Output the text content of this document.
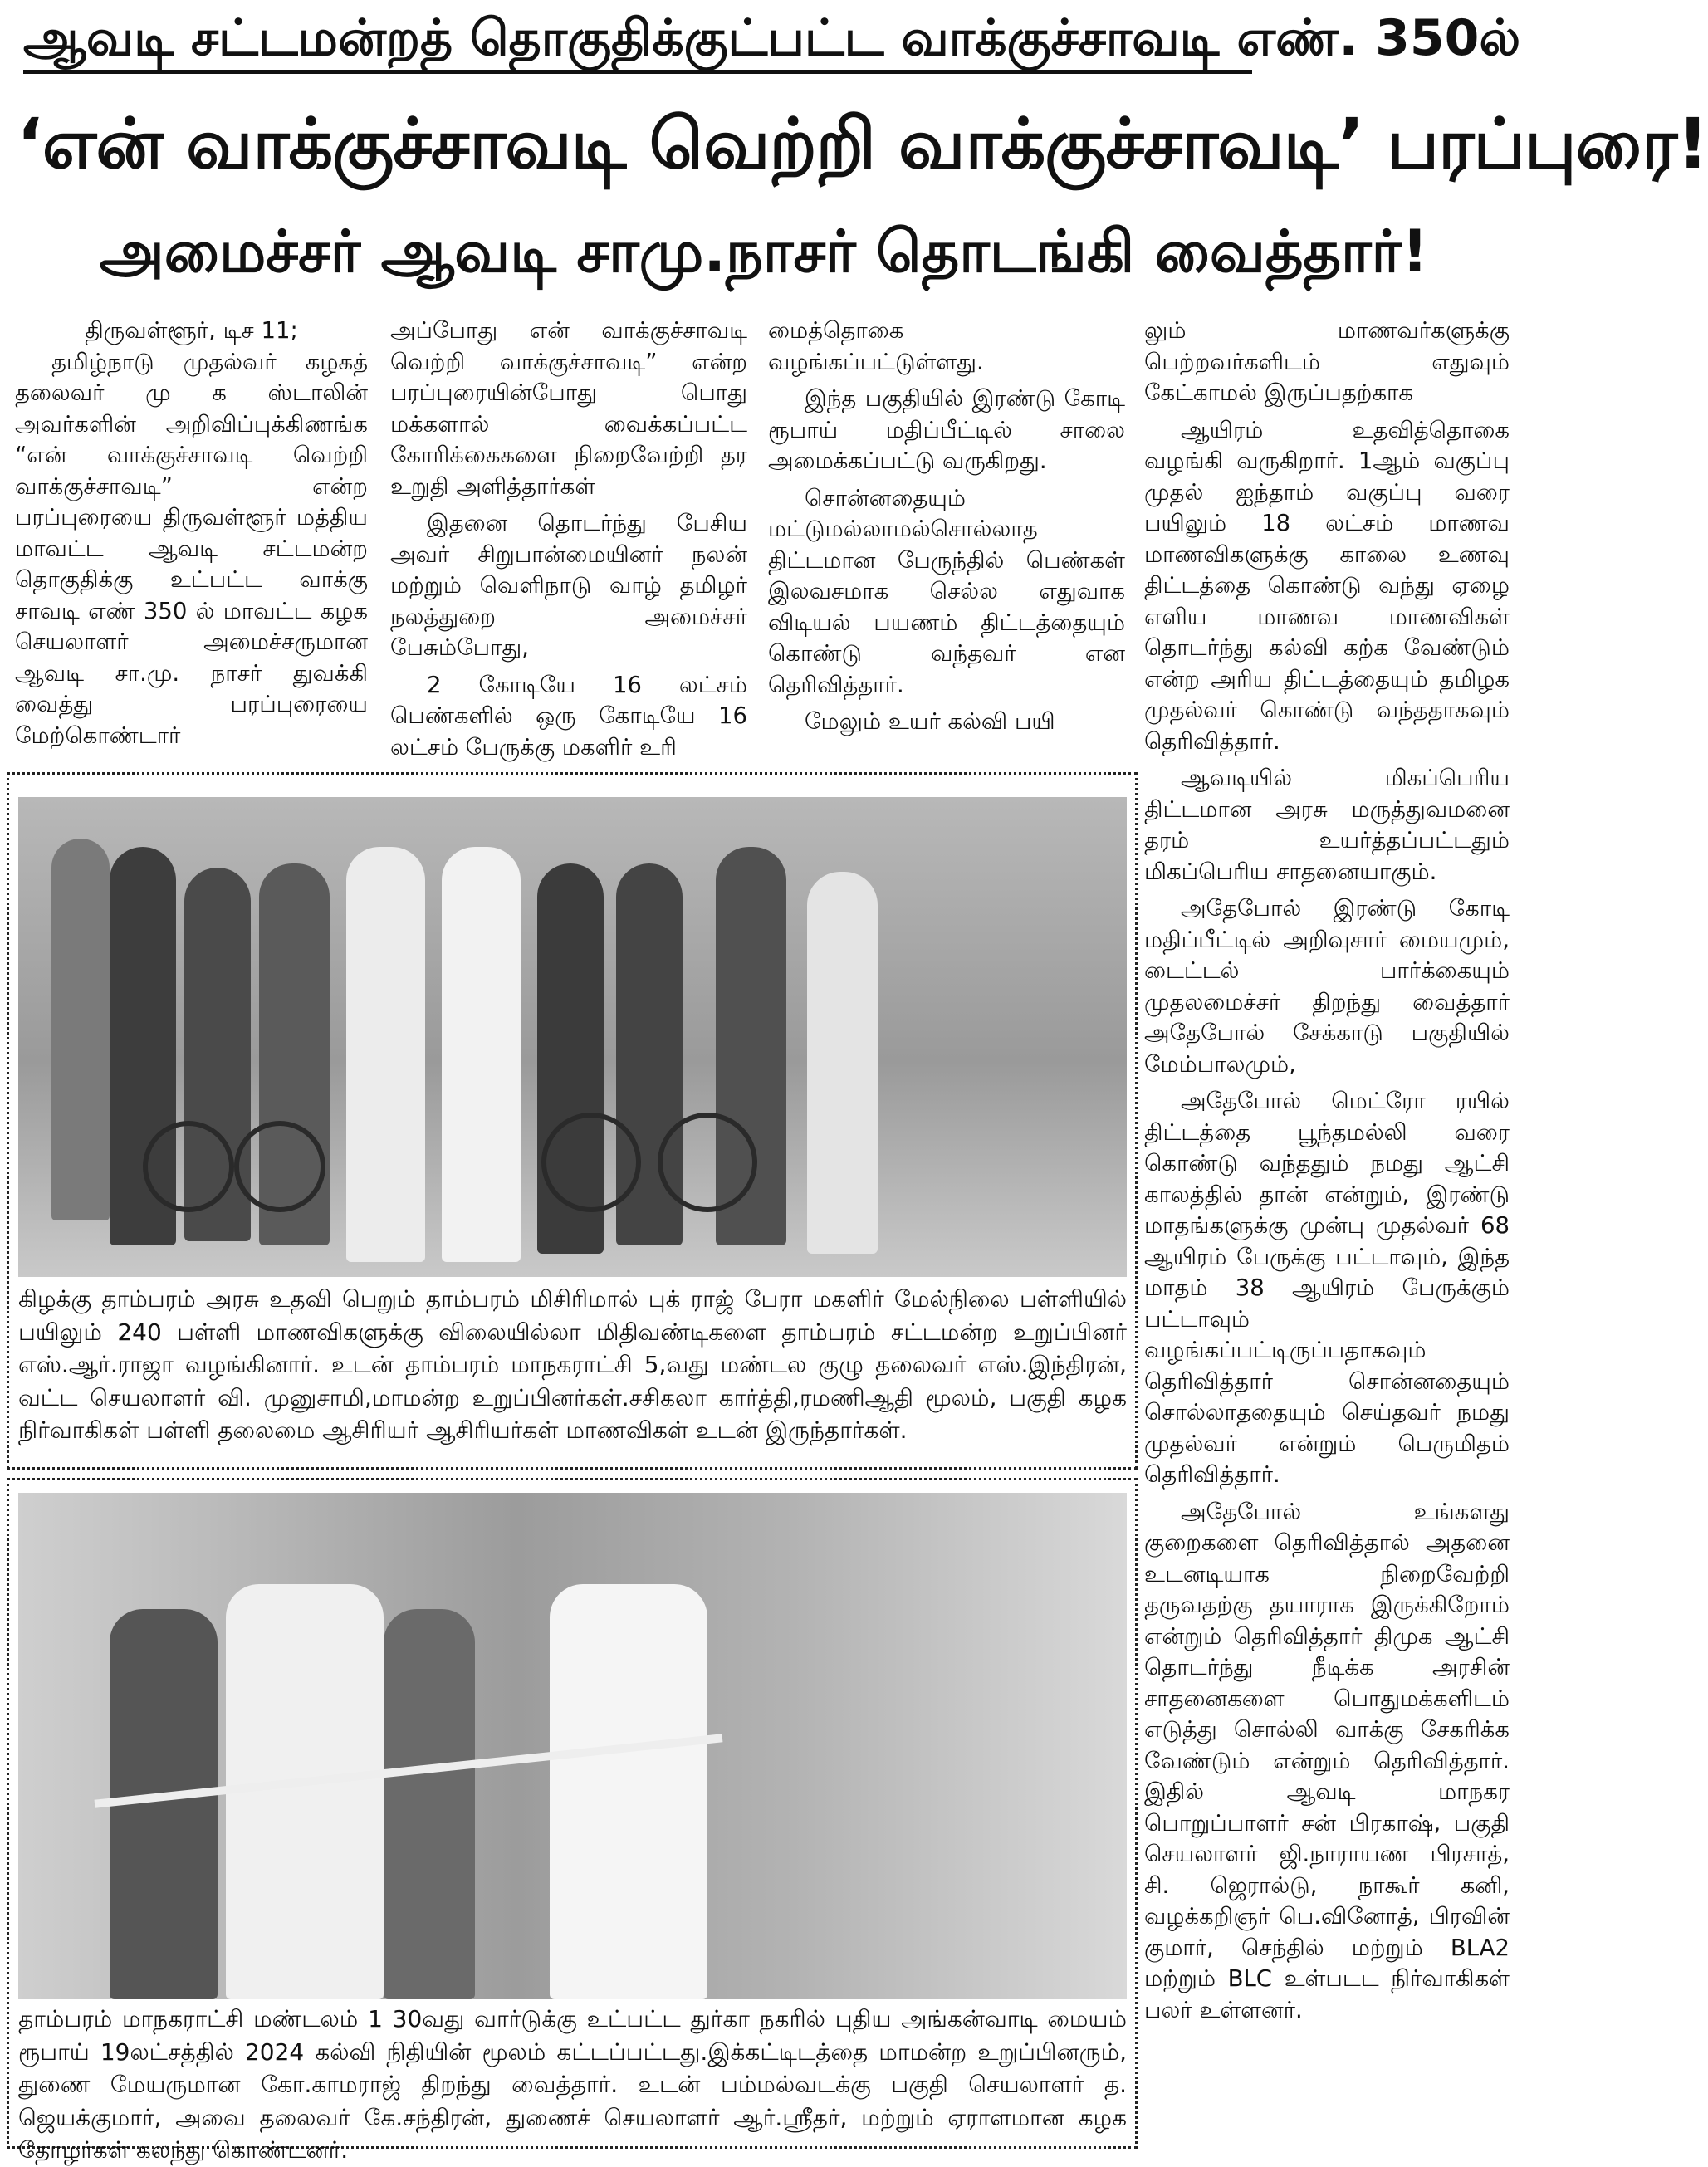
ஆவடி சட்டமன்றத் தொகுதிக்குட்பட்ட வாக்குச்சாவடி எண். 350ல்
‘என் வாக்குச்சாவடி வெற்றி வாக்குச்சாவடி’ பரப்புரை!
அமைச்சர் ஆவடி சாமு.நாசர் தொடங்கி வைத்தார்!

திருவள்ளூர், டிச 11;

தமிழ்நாடு முதல்வர் கழகத் தலைவர் மு க ஸ்டாலின் அவர்களின் அறிவிப்புக்கிணங்க “என் வாக்குச்சாவடி வெற்றி வாக்குச்சாவடி” என்ற பரப்புரையை திருவள்ளூர் மத்திய மாவட்ட ஆவடி சட்டமன்ற தொகுதிக்கு உட்பட்ட வாக்கு சாவடி எண் 350 ல் மாவட்ட கழக செயலாளர் அமைச்சருமான ஆவடி சா.மு. நாசர் துவக்கி வைத்து பரப்புரையை மேற்கொண்டார்

அப்போது என் வாக்குச்சாவடி வெற்றி வாக்குச்சாவடி” என்ற பரப்புரையின்போது பொது மக்களால் வைக்கப்பட்ட கோரிக்கைகளை நிறைவேற்றி தர உறுதி அளித்தார்கள்

இதனை தொடர்ந்து பேசிய அவர் சிறுபான்மையினர் நலன் மற்றும் வெளிநாடு வாழ் தமிழர் நலத்துறை அமைச்சர் பேசும்போது,

2 கோடியே 16 லட்சம் பெண்களில் ஒரு கோடியே 16 லட்சம் பேருக்கு மகளிர் உரி

மைத்தொகை வழங்கப்பட்டுள்ளது.

இந்த பகுதியில் இரண்டு கோடி ரூபாய் மதிப்பீட்டில் சாலை அமைக்கப்பட்டு வருகிறது.

சொன்னதையும் மட்டுமல்லாமல்சொல்லாத திட்டமான பேருந்தில் பெண்கள் இலவசமாக செல்ல எதுவாக விடியல் பயணம் திட்டத்தையும் கொண்டு வந்தவர் என தெரிவித்தார்.

மேலும் உயர் கல்வி பயி

லும் மாணவர்களுக்கு பெற்றவர்களிடம் எதுவும் கேட்காமல் இருப்பதற்காக

ஆயிரம் உதவித்தொகை வழங்கி வருகிறார். 1ஆம் வகுப்பு முதல் ஐந்தாம் வகுப்பு வரை பயிலும் 18 லட்சம் மாணவ மாணவிகளுக்கு காலை உணவு திட்டத்தை கொண்டு வந்து ஏழை எளிய மாணவ மாணவிகள் தொடர்ந்து கல்வி கற்க வேண்டும் என்ற அரிய திட்டத்தையும் தமிழக முதல்வர் கொண்டு வந்ததாகவும் தெரிவித்தார்.

ஆவடியில் மிகப்பெரிய திட்டமான அரசு மருத்துவமனை தரம் உயர்த்தப்பட்டதும் மிகப்பெரிய சாதனையாகும்.

அதேபோல் இரண்டு கோடி மதிப்பீட்டில் அறிவுசார் மையமும், டைட்டல் பார்க்கையும் முதலமைச்சர் திறந்து வைத்தார் அதேபோல் சேக்காடு பகுதியில் மேம்பாலமும்,

அதேபோல் மெட்ரோ ரயில் திட்டத்தை பூந்தமல்லி வரை கொண்டு வந்ததும் நமது ஆட்சி காலத்தில் தான் என்றும், இரண்டு மாதங்களுக்கு முன்பு முதல்வர் 68 ஆயிரம் பேருக்கு பட்டாவும், இந்த மாதம் 38 ஆயிரம் பேருக்கும் பட்டாவும் வழங்கப்பட்டிருப்பதாகவும் தெரிவித்தார் சொன்னதையும் சொல்லாததையும் செய்தவர் நமது முதல்வர் என்றும் பெருமிதம் தெரிவித்தார்.

அதேபோல் உங்களது குறைகளை தெரிவித்தால் அதனை உடனடியாக நிறைவேற்றி தருவதற்கு தயாராக இருக்கிறோம் என்றும் தெரிவித்தார் திமுக ஆட்சி தொடர்ந்து நீடிக்க அரசின் சாதனைகளை பொதுமக்களிடம் எடுத்து சொல்லி வாக்கு சேகரிக்க வேண்டும் என்றும் தெரிவித்தார். இதில் ஆவடி மாநகர பொறுப்பாளர் சன் பிரகாஷ், பகுதி செயலாளர் ஜி.நாராயண பிரசாத், சி. ஜெரால்டு, நாகூர் கனி, வழக்கறிஞர் பெ.வினோத், பிரவின் குமார், செந்தில் மற்றும் BLA2 மற்றும் BLC உள்படட நிர்வாகிகள் பலர் உள்ளனர்.

கிழக்கு தாம்பரம் அரசு உதவி பெறும் தாம்பரம் மிசிரிமால் புக் ராஜ் பேரா மகளிர் மேல்நிலை பள்ளியில் பயிலும் 240 பள்ளி மாணவிகளுக்கு விலையில்லா மிதிவண்டிகளை தாம்பரம் சட்டமன்ற உறுப்பினர் எஸ்.ஆர்.ராஜா வழங்கினார். உடன் தாம்பரம் மாநகராட்சி 5,வது மண்டல குழு தலைவர் எஸ்.இந்திரன், வட்ட செயலாளர் வி. முனுசாமி,மாமன்ற உறுப்பினர்கள்.சசிகலா கார்த்தி,ரமணிஆதி மூலம், பகுதி கழக நிர்வாகிகள் பள்ளி தலைமை ஆசிரியர் ஆசிரியர்கள் மாணவிகள் உடன் இருந்தார்கள்.
தாம்பரம் மாநகராட்சி மண்டலம் 1 30வது வார்டுக்கு உட்பட்ட துர்கா நகரில் புதிய அங்கன்வாடி மையம் ரூபாய் 19லட்சத்தில் 2024 கல்வி நிதியின் மூலம் கட்டப்பட்டது.இக்கட்டிடத்தை மாமன்ற உறுப்பினரும், துணை மேயருமான கோ.காமராஜ் திறந்து வைத்தார். உடன் பம்மல்வடக்கு பகுதி செயலாளர் த. ஜெயக்குமார், அவை தலைவர் கே.சந்திரன், துணைச் செயலாளர் ஆர்.ஸ்ரீதர், மற்றும் ஏராளமான கழக தோழர்கள் கலந்து கொண்டனர்.
